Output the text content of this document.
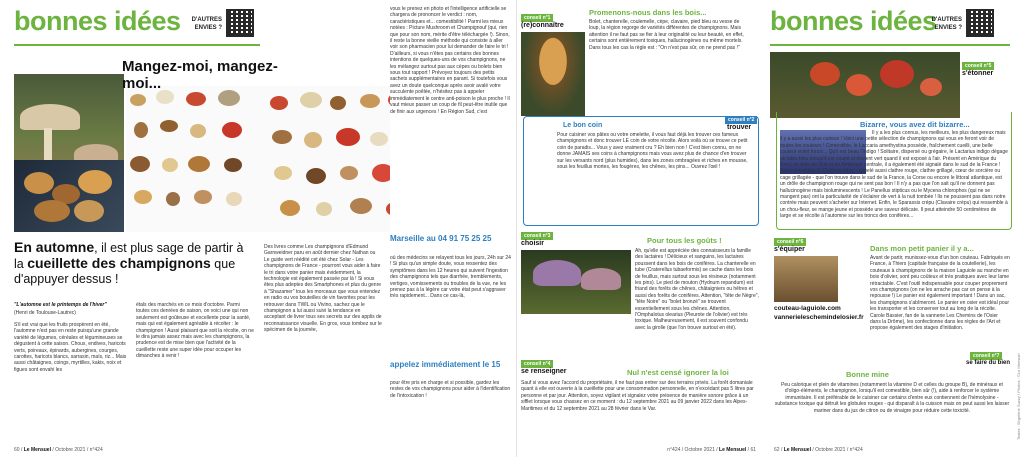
bonnes idées	D'AUTRES ENVIES ?
En automne, il est plus sage de partir à la cueillette des champignons que d'appuyer dessus !
"L'automne est le printemps de l'hiver"
(Henri de Toulouse-Lautrec)
S'il est vrai que les fruits prospèrent en été, l'automne n'est pas en reste puisqu'une grande variété de légumes, céréales et légumineuses se dégustent à cette saison. Choux, endives, haricots verts, poireaux, épinards, aubergines, courges, carottes, haricots blancs, sarrasin, maïs, riz... Mais aussi châtaignes, coings, myrtilles, kakis, noix et figues sont envahi les
étals des marchés en ce mois d'octobre. Parmi toutes ces denrées de saison, on voici une qui non seulement est goûteuse et excellente pour la santé, mais qui est également agréable à récolter : le champignon ! Aussi plaisant que soit la récolte, on ne le dira jamais assez mais avec les champignons, la prudence est de mise bien que l'activité de la cueillette reste une super idée pour occuper les dimanches à venir !
60 / Le Mensuel / Octobre 2021 / n°424
Mangez-moi, mangez-moi...
Des livres comme Les champignons d'Edmund Garnweidner paru en août dernier chez Nathan ou Le guide vert réédité cet été chez Solar - Les champignons de France - pourront vous aider à faire le tri dans votre panier mais évidemment, la technologie est également passée par là ! Si vous êtes plus adeptes des Smartphones et plus du genre à "Shazamer" tous les morceaux que vous entendez en radio ou vos bouteilles de vin favorites pour les retrouver dans TWIL ou Vivino, sachez que le champignon a lui aussi suivi la tendance en acceptant de livrer tous ses secrets sur des applis de reconnaissance visuelle. En gros, vous tombez sur le spécimen de la journée,
vous le prenez en photo et l'intelligence artificielle se chargera de prononcer le verdict : nom, caractéristiques et... comestibilité ! Parmi les mieux notées : Picture Mushroom et Champignouf (qui, rien que pour son nom, mérite d'être téléchargée !). Sinon, il reste la bonne vieille méthode qui consiste à aller voir son pharmacien pour lui demander de faire le tri ! D'ailleurs, si vous n'êtes pas certains des bonnes intentions de quelques-uns de vos champignons, ne les mélangez surtout pas aux cèpes ou bolets bien sous tout rapport ! Prévoyez toujours des petits sachets supplémentaires en parant. Si toutefois vous avez un doute quelconque après avoir avalé votre succulente poêlée, n'hésitez pas à appeler immédiatement le centre anti-poison le plus proche ! Il vaut mieux passer un coup de fil peut-être inutile que de finir aux urgences ! En Région Sud, c'est
Marseille au 04 91 75 25 25
où des médecins se relayent tous les jours, 24h sur 24 ! Si plus qu'un simple doute, vous ressentez des symptômes dans les 12 heures qui suivent l'ingestion des champignons tels que diarrhée, tremblements, vertiges, vomissements ou troubles de la vue, ne les prenez pas à la légère car votre état peut s'aggraver très rapidement... Dans ce cas-là,
appelez immédiatement le 15
pour être pris en charge et si possible, gardez les restes de vos champignons pour aider à l'identification de l'intoxication !
conseil n°1
(re)connaître
Promenons-nous dans les bois...
Bolet, chanterelle, coulemelle, cèpe, clavaire, pied bleu ou vesse de loup, la région regorge de variétés différentes de champignons. Mais attention il ne faut pas se fier à leur originalité ou leur beauté, en effet, certains sont entièrement toxiques, hallucinogènes ou même mortels. Dans tous les cas la règle est : "On n'est pas sûr, on ne prend pas !"
Le bon coin
conseil n°2
trouver
Pour cuisiner vos pâtes ou votre omelette, il vous faut déjà les trouver ces fameux champignons et donc trouver LE coin de votre récolte. Alors voilà où se trouve ce petit coin de paradis... Vous y avez vraiment cru ? Eh bien non ! C'est bien connu, on ne donne JAMAIS ses coins à champignons mais vous avez plus de chance d'en trouver sur les versants nord (plus humides), dans les zones ombragées et riches en mousse, sous les feuillus mortes, les fougères, les chênes, les pins... Ouvrez l'œil !
conseil n°3
choisir	Pour tous les goûts !
Ah, qu'elle est appréciée des connaisseurs la famille des lactaires ! Délicieux et sanguins, les lactaires poussent dans les bois de conifères. La chanterelle en tube (Craterellus tubaeformis) se cache dans les bois de feuillus, mais surtout sous les résineux (notamment les pins). Le pied de mouton (Hydnum repandum) est friand des forêts de chênes, châtaigniers ou hêtres et aussi des forêts de conifères. Attention, "tête de Nègre", "tête Noire" ou "bolet bronzé" se trouvent essentiellement sous les chênes. Attention, l'Omphalotus olearius (Pleurote de l'olivier) est très toxique. Malheureusement, il est souvent confondu avec la girolle (que l'on trouve surtout en été).
conseil n°4
se renseigner	Nul n'est censé ignorer la loi
Sauf si vous avez l'accord du propriétaire, il ne faut pas entrer sur des terrains privés. La forêt domaniale quant à elle est ouverte à la cueillette pour une consommation personnelle, en n'excédant pas 5 litres par personne et par jour. Attention, soyez vigilant et signalez votre présence de manière sonore grâce à un sifflet lorsque vous chassez en ce moment : du 12 septembre 2021 au 09 janvier 2022 dans les Alpes-Maritimes et du 12 septembre 2021 au 28 février dans le Var.
n°424 / Octobre 2021 / Le Mensuel / 61
bonnes idées
D'AUTRES ENVIES ?
conseil n°5
s'étonner
Bizarre, vous avez dit bizarre...
Il y a les plus connus, les meilleurs, les plus dangereux mais il y a aussi les plus curieux ! Voici une petite sélection de champignons qui vous en feront voir de toutes les couleurs ! Comestible, le Laccaria amethystina possède, fraîchement cueilli, une belle couleur violet foncé... Qu'il est beau l'Indigo ! Solitaire, dispersé ou grégaire, le Lactarius indigo dégage un latex bleu lorsqu'il est coupé et devient vert quand il est exposé à l'air. Présent en Amérique du Nord, en Asie de l'Est et en Amérique centrale, il a également été signalé dans le sud de la France ! Non comestible, le Clathrus ruber - appelé aussi clathre rouge, clathre grillagé, cœur de sorcière ou cage grillagée - que l'on trouve dans le sud de la France, la Corse ou encore le littoral atlantique, est un drôle de champignon rouge qui ne sent pas bon ! Il n'y a pas que l'on sait qu'il ne donnent pas hallucinogène mais bioluminescents ! Le Panellus stipticus ou le Mycena chlorophos (qui ne se mangent pas) ont la particularité de s'éclairer de vert à la nuit tombée ! Ils ne poussent pas dans notre contrée mais peuvent s'acheter sur Internet. Enfin, le Sparassis crépu (Clavaire crépu) qui ressemble à un chou-fleur, se mange jeune et possède une saveur délicate. Il peut atteindre 50 centimètres de large et se récolte à l'automne sur les troncs des conifères...
conseil n°6
s'équiper
couteau-laguiole.com
vannerieleschemindelosier.fr
Dans mon petit panier il y a...
Avant de partir, munissez-vous d'un bon couteau. Fabriqués en France, à Thiers (capitale française de la coutellerie), les couteaux à champignons de la maison Laguiole au manche en bois d'olivier, sont peu coûteux et très pratiques avec leur lame rétractable. C'est l'outil indispensable pour couper proprement vos champignons (on ne les arrache pas car on pense à la repousse !) Le panier est également important ! Dans un sac, les champignons s'abîmeront. Le panier en osier est idéal pour les transporter et les conserver tout au long de la récolte. Carole Bassier, fan de la vannerie Les Chemins de l'Osier dans la Drôme), les confectionne dans les règles de l'Art et propose également des stages d'initiation.
conseil n°7
se faire du bien
Bonne mine
Peu calorique et plein de vitamines (notamment la vitamine D et celles du groupe B), de minéraux et d'oligo-éléments, le champignon, lorsqu'il est comestible, bien sûr (!), aide à renforcer le système immunitaire. Il est préférable de le cuisiner car certains d'entre eux contiennent de l'hémolysine - substance toxique qui détruit les globules rouges - qui disparaît à la cuisson mais on peut aussi les laisser mariner dans du jus de citron ou de vinaigre pour réduire cette toxicité.
62 / Le Mensuel / Octobre 2021 / n°424
Textes : Ségolène Suzzy / Photos : ©Le Mensuel
